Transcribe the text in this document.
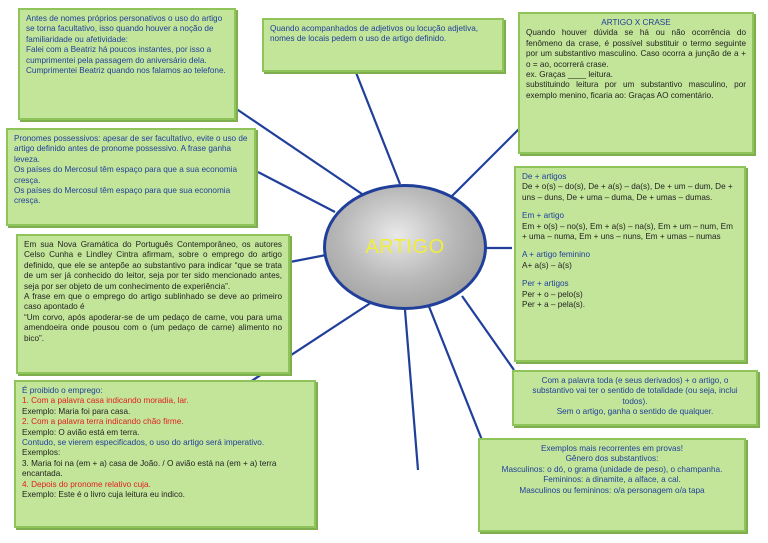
ARTIGO
Antes de nomes próprios personativos o uso do artigo se torna facultativo, isso quando houver a noção de familiaridade ou afetividade:
Falei com a Beatriz há poucos instantes, por isso a cumprimentei pela passagem do aniversário dela.
Cumprimentei Beatriz quando nos falamos ao telefone.
Quando acompanhados de adjetivos ou locução adjetiva, nomes de locais pedem o uso de artigo definido.
ARTIGO X CRASE
Quando houver dúvida se há ou não ocorrência do fenômeno da crase, é possível substituir o termo seguinte por um substantivo masculino. Caso ocorra a junção de a + o = ao, ocorrerá crase.
ex. Graças ____ leitura.
substituindo leitura por um substantivo masculino, por exemplo menino, ficaria ao: Graças AO comentário.
Pronomes possessivos: apesar de ser facultativo, evite o uso de artigo definido antes de pronome possessivo. A frase ganha leveza.
Os países do Mercosul têm espaço para que a sua economia cresça.
Os países do Mercosul têm espaço para que sua economia cresça.
Em sua Nova Gramática do Português Contemporâneo, os autores Celso Cunha e Lindley Cintra afirmam, sobre o emprego do artigo definido, que ele se antepõe ao substantivo para indicar “que se trata de um ser já conhecido do leitor, seja por ter sido mencionado antes, seja por ser objeto de um conhecimento de experiência”.
A frase em que o emprego do artigo sublinhado se deve ao primeiro caso apontado é
“Um corvo, após apoderar-se de um pedaço de carne, vou para uma amendoeira onde pousou com o (um pedaço de carne) alimento no bico”.
É proibido o emprego:
1. Com a palavra casa indicando moradia, lar.
Exemplo: Maria foi para casa.
2. Com a palavra terra indicando chão firme.
Exemplo: O avião está em terra.
Contudo, se vierem especificados, o uso do artigo será imperativo.
Exemplos:
3. Maria foi na (em + a) casa de João. / O avião está na (em + a) terra encantada.
4. Depois do pronome relativo cuja.
Exemplo: Este é o livro cuja leitura eu indico.
De + artigos
De + o(s) – do(s), De + a(s) – da(s), De + um – dum, De + uns – duns, De + uma – duma, De + umas – dumas.
Em + artigo
Em + o(s) – no(s), Em + a(s) – na(s), Em + um – num, Em + uma – numa, Em + uns – nuns, Em + umas – numas
A + artigo feminino
A+ a(s) – à(s)
Per + artigos
Per + o – pelo(s)
Per + a – pela(s).
Com a palavra toda (e seus derivados) + o artigo, o substantivo vai ter o sentido de totalidade (ou seja, inclui todos).
Sem o artigo, ganha o sentido de qualquer.
Exemplos mais recorrentes em provas!
Gênero dos substantivos:
Masculinos: o dó, o grama (unidade de peso), o champanha.
Femininos: a dinamite, a alface, a cal.
Masculinos ou femininos: o/a personagem o/a tapa
